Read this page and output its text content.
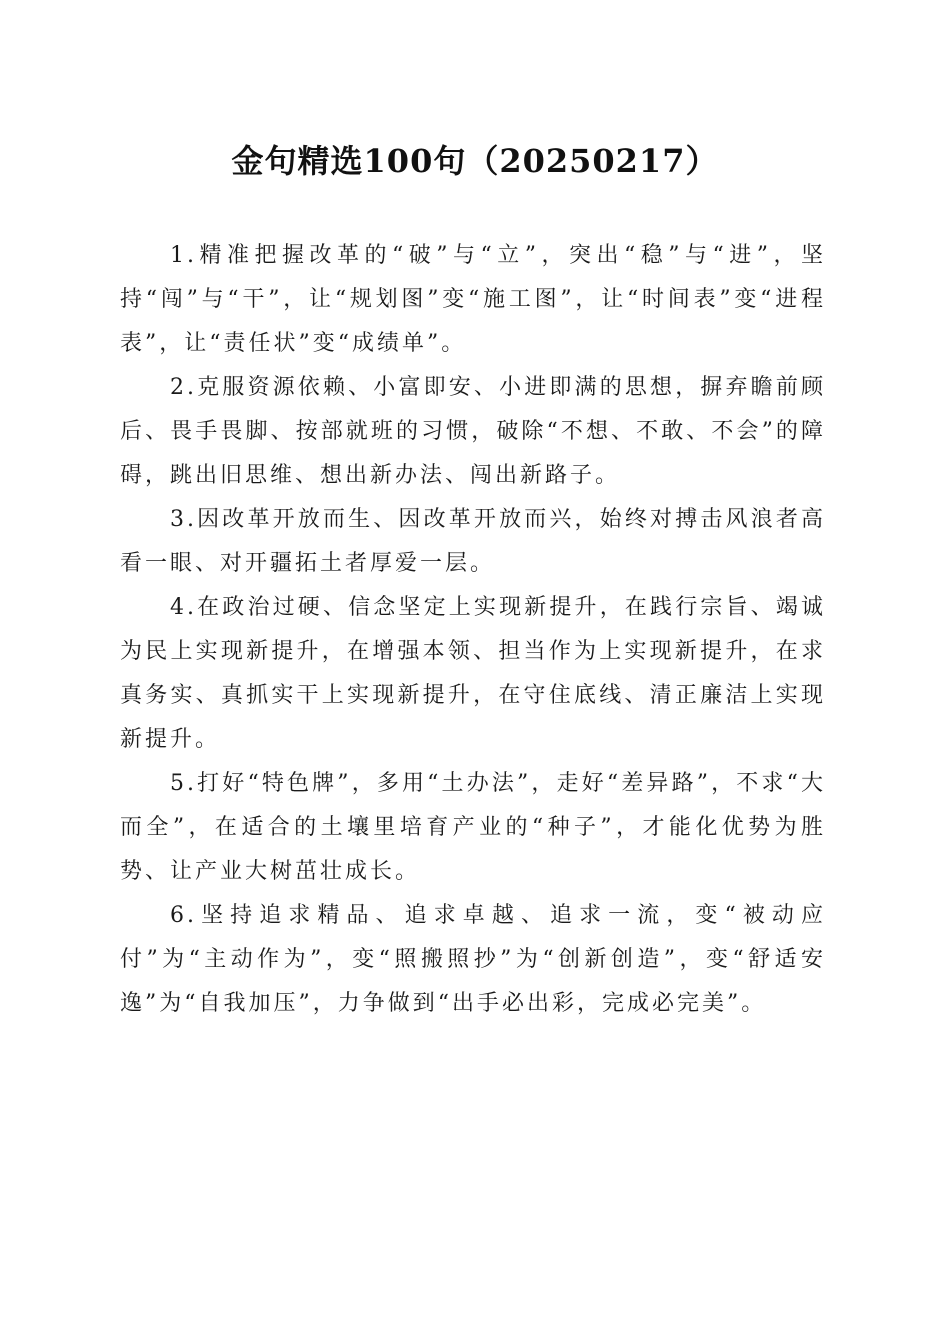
金句精选100句（20250217）

1.精准把握改革的“破”与“立”，突出“稳”与“进”，坚持“闯”与“干”，让“规划图”变“施工图”，让“时间表”变“进程表”，让“责任状”变“成绩单”。

2.克服资源依赖、小富即安、小进即满的思想，摒弃瞻前顾后、畏手畏脚、按部就班的习惯，破除“不想、不敢、不会”的障碍，跳出旧思维、想出新办法、闯出新路子。

3.因改革开放而生、因改革开放而兴，始终对搏击风浪者高看一眼、对开疆拓土者厚爱一层。

4.在政治过硬、信念坚定上实现新提升，在践行宗旨、竭诚为民上实现新提升，在增强本领、担当作为上实现新提升，在求真务实、真抓实干上实现新提升，在守住底线、清正廉洁上实现新提升。

5.打好“特色牌”，多用“土办法”，走好“差异路”，不求“大而全”，在适合的土壤里培育产业的“种子”，才能化优势为胜势、让产业大树茁壮成长。

6.坚持追求精品、追求卓越、追求一流，变“被动应付”为“主动作为”，变“照搬照抄”为“创新创造”，变“舒适安逸”为“自我加压”，力争做到“出手必出彩，完成必完美”。
